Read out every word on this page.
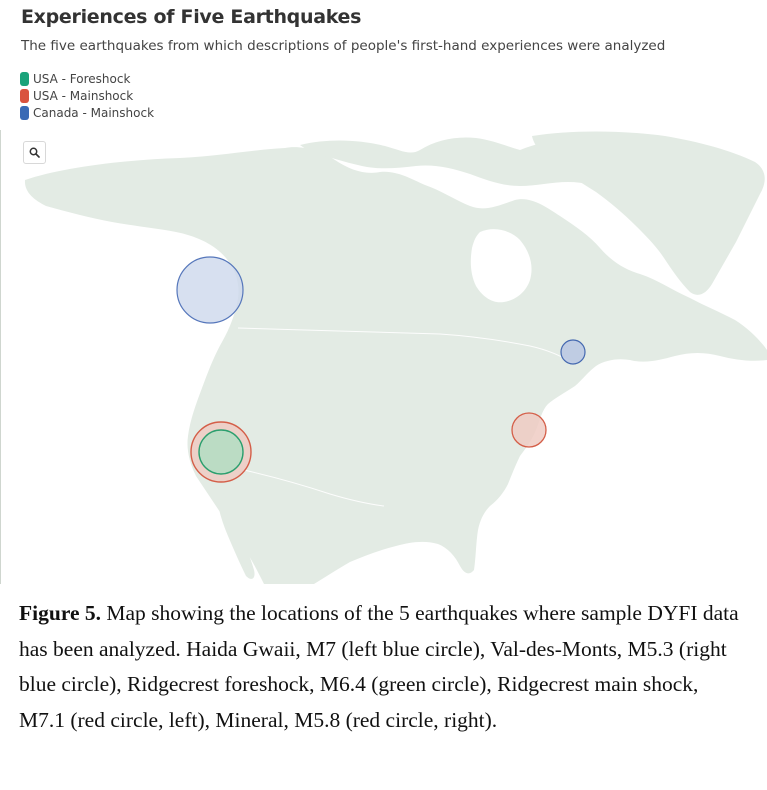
Experiences of Five Earthquakes
The five earthquakes from which descriptions of people's first-hand experiences were analyzed
USA - Foreshock
USA - Mainshock
Canada - Mainshock
Figure 5. Map showing the locations of the 5 earthquakes where sample DYFI data has been analyzed. Haida Gwaii, M7 (left blue circle), Val-des-Monts, M5.3 (right blue circle), Ridgecrest foreshock, M6.4 (green circle), Ridgecrest main shock, M7.1 (red circle, left), Mineral, M5.8 (red circle, right).
